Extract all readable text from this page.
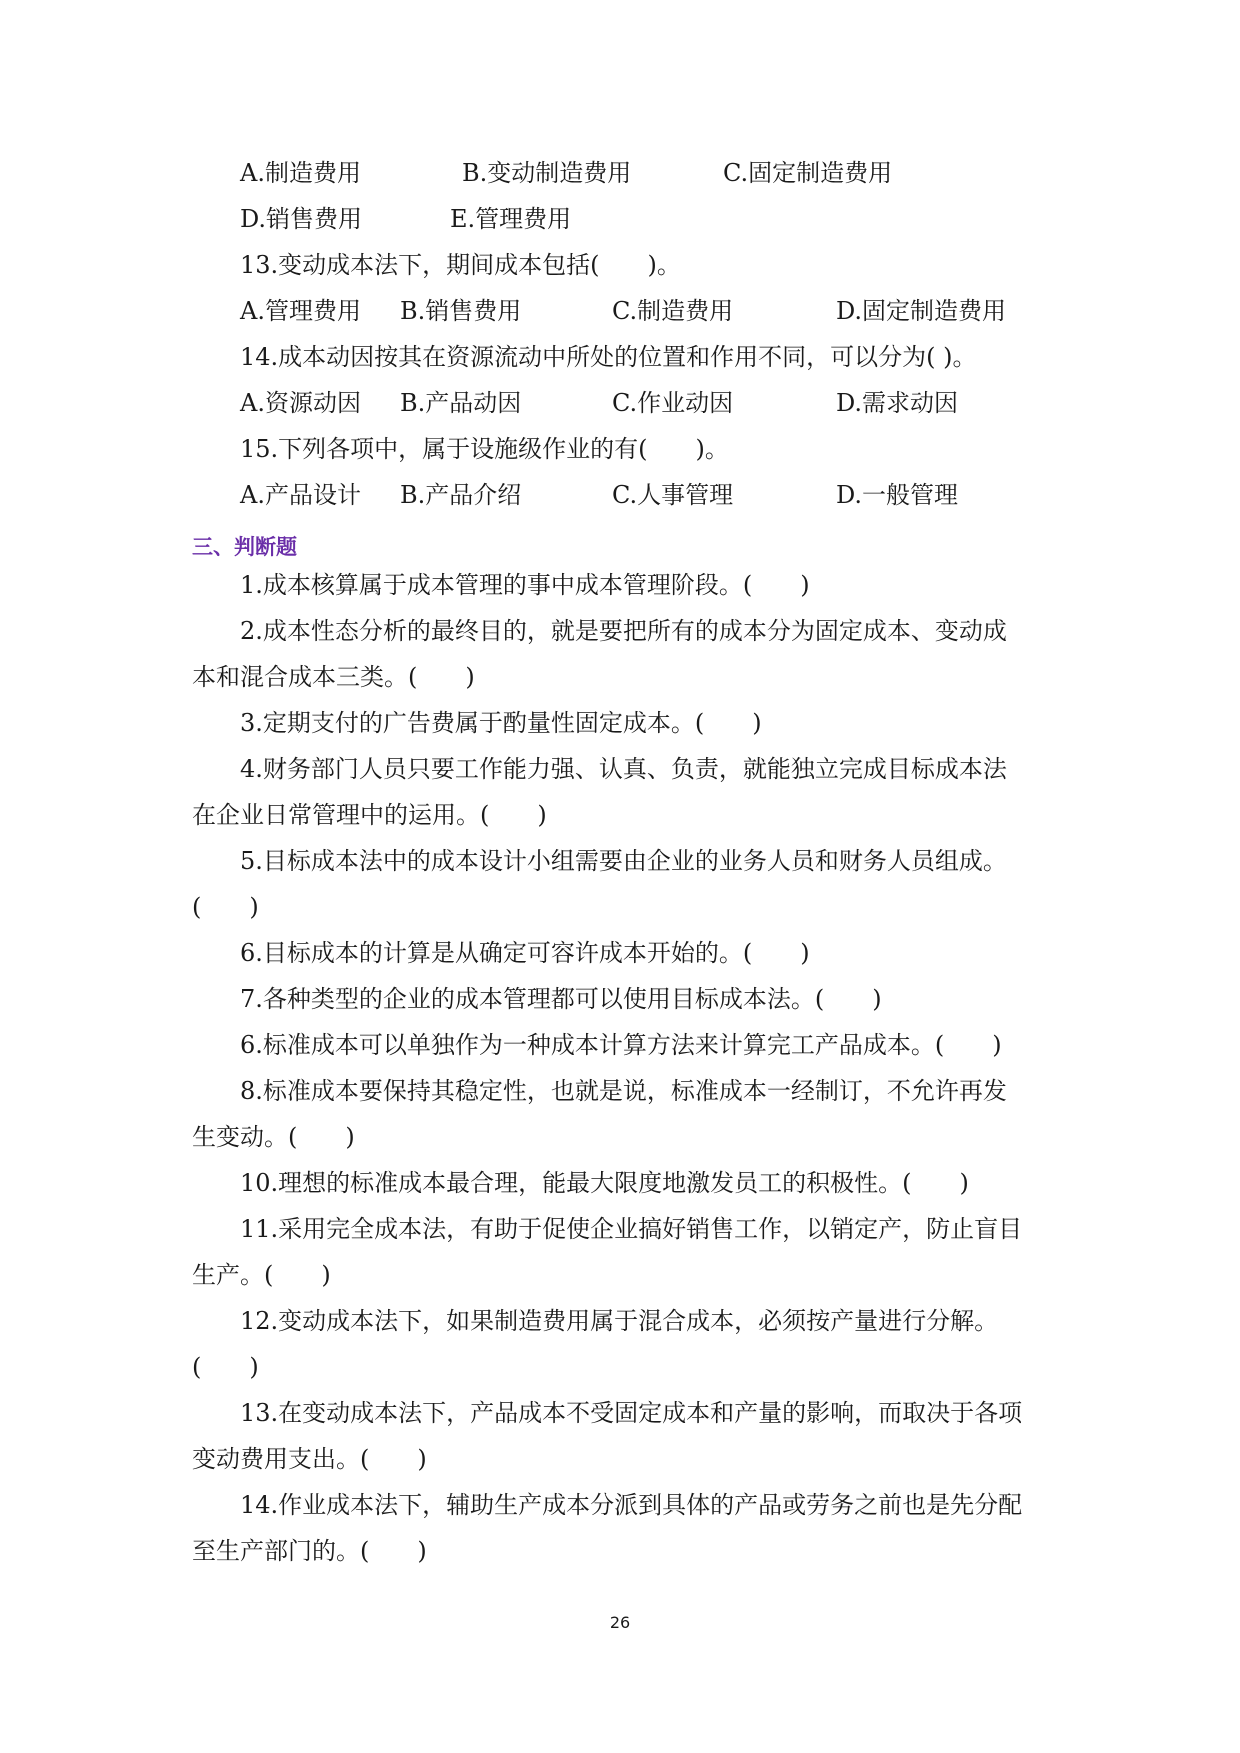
A.制造费用	B.变动制造费用	C.固定制造费用
D.销售费用	E.管理费用

13.变动成本法下，期间成本包括(　　)。

A.管理费用 B.销售费用	C.制造费用	D.固定制造费用

14.成本动因按其在资源流动中所处的位置和作用不同，可以分为( )。

A.资源动因 B.产品动因	C.作业动因	D.需求动因

15.下列各项中，属于设施级作业的有(　　)。

A.产品设计 B.产品介绍	C.人事管理	D.一般管理
三、判断题

1.成本核算属于成本管理的事中成本管理阶段。(　　)

2.成本性态分析的最终目的，就是要把所有的成本分为固定成本、变动成

本和混合成本三类。(　　)

3.定期支付的广告费属于酌量性固定成本。(　　)

4.财务部门人员只要工作能力强、认真、负责，就能独立完成目标成本法

在企业日常管理中的运用。(　　)

5.目标成本法中的成本设计小组需要由企业的业务人员和财务人员组成。

(　　)

6.目标成本的计算是从确定可容许成本开始的。(　　)

7.各种类型的企业的成本管理都可以使用目标成本法。(　　)

6.标准成本可以单独作为一种成本计算方法来计算完工产品成本。(　　)

8.标准成本要保持其稳定性，也就是说，标准成本一经制订，不允许再发

生变动。(　　)

10.理想的标准成本最合理，能最大限度地激发员工的积极性。(　　)

11.采用完全成本法，有助于促使企业搞好销售工作，以销定产，防止盲目

生产。(　　)

12.变动成本法下，如果制造费用属于混合成本，必须按产量进行分解。

(　　)

13.在变动成本法下，产品成本不受固定成本和产量的影响，而取决于各项

变动费用支出。(　　)

14.作业成本法下，辅助生产成本分派到具体的产品或劳务之前也是先分配

至生产部门的。(　　)

26
